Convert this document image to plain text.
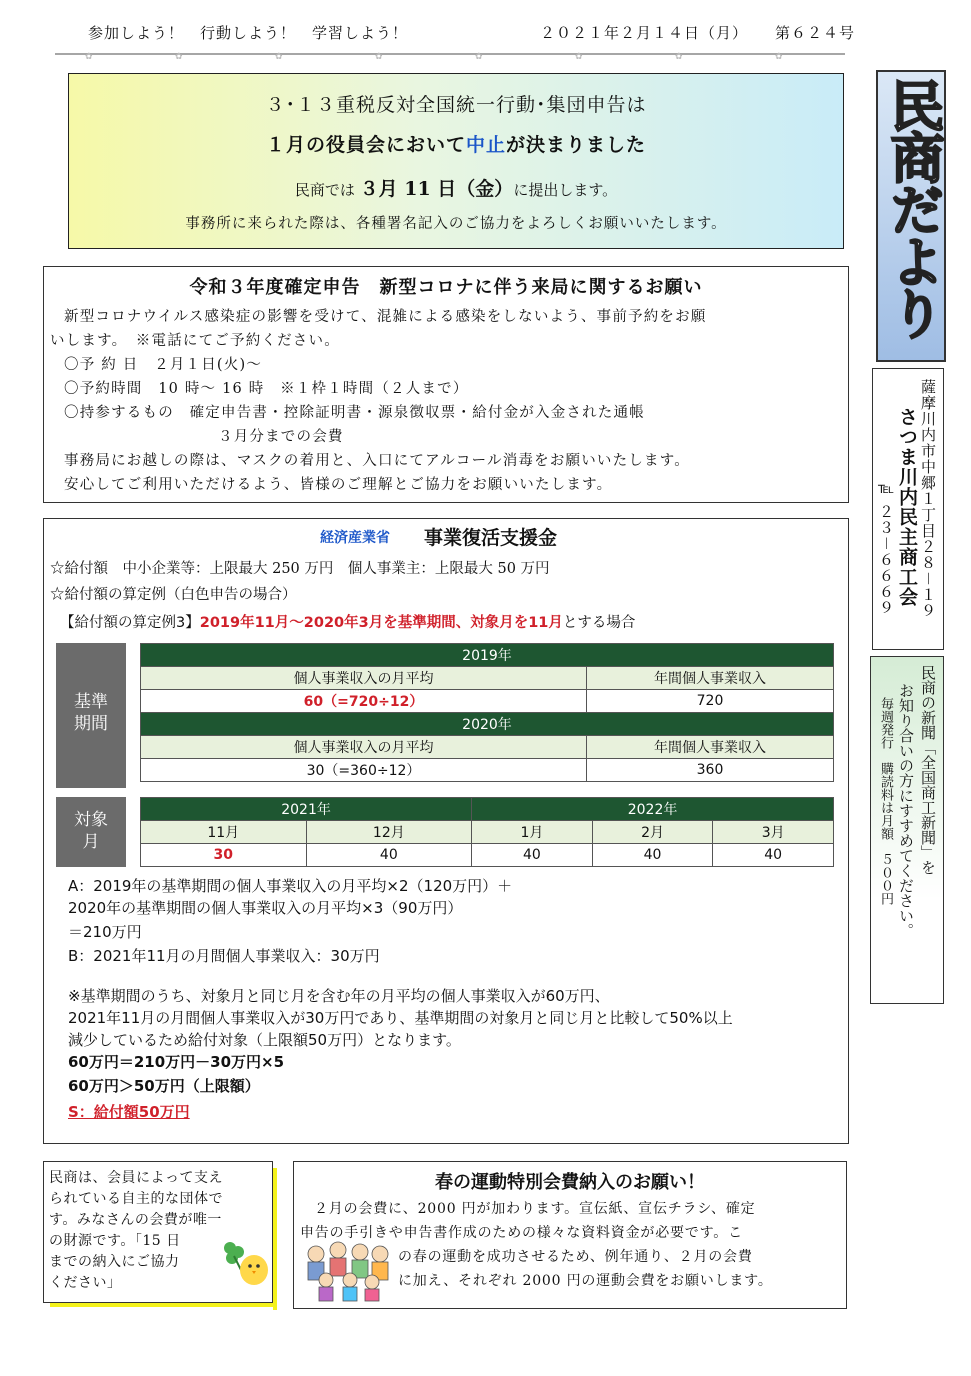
参加しよう！　行動しよう！　学習しよう！	２０２１年２月１４日（月） 第６２４号
✿	✿	✿	✿	✿	✿	✿	✿
３･１３重税反対全国統一行動･集団申告は
１月の役員会において中止が決まりました
民商では ３月 11 日（金）に提出します。
事務所に来られた際は、各種署名記入のご協力をよろしくお願いいたします。	民商だより
薩摩川内市中郷１丁目２８－１９
さつま川内民主商工会
℡ ２３－６６６９
民商の新聞「全国商工新聞」を
お知り合いの方にすすめてください。
毎週発行　購読料は月額　５００円
令和３年度確定申告　新型コロナに伴う来局に関するお願い

新型コロナウイルス感染症の影響を受けて、混雑による感染をしないよう、事前予約をお願

いします。　※電話にてご予約ください。

〇予 約 日　２月１日(火)～

〇予約時間　10 時～ 16 時　※１枠１時間（２人まで）

〇持参するもの　確定申告書・控除証明書・源泉徴収票・給付金が入金された通帳

３月分までの会費

事務局にお越しの際は、マスクの着用と、入口にてアルコール消毒をお願いいたします。

安心してご利用いただけるよう、皆様のご理解とご協力をお願いいたします。

経済産業省 事業復活支援金
☆給付額　中小企業等：上限最大 250 万円　個人事業主：上限最大 50 万円
☆給付額の算定例（白色申告の場合）
【給付額の算定例3】2019年11月～2020年3月を基準期間、対象月を11月とする場合
基準
期間
対象
月
2019年	
個人事業収入の月平均	年間個人事業収入
60（=720÷12）	720
2020年	
個人事業収入の月平均	年間個人事業収入
30（=360÷12）	360
2021年		2022年		
11月	12月	1月	2月	3月
30	40	40	40	40
A：2019年の基準期間の個人事業収入の月平均×2（120万円）＋
2020年の基準期間の個人事業収入の月平均×3（90万円）
＝210万円
B：2021年11月の月間個人事業収入：30万円
※基準期間のうち、対象月と同じ月を含む年の月平均の個人事業収入が60万円、
2021年11月の月間個人事業収入が30万円であり、基準期間の対象月と同じ月と比較して50%以上
減少しているため給付対象（上限額50万円）となります。
60万円＝210万円－30万円×5
60万円＞50万円（上限額）
S：給付額50万円
民商は、会員によって支え
られている自主的な団体で
す。みなさんの会費が唯一
の財源です。「15 日
までの納入にご協力
ください」
春の運動特別会費納入のお願い！
２月の会費に、2000 円が加わります。宣伝紙、宣伝チラシ、確定
申告の手引きや申告書作成のための様々な資料資金が必要です。こ
の春の運動を成功させるため、例年通り、２月の会費
に加え、それぞれ 2000 円の運動会費をお願いします。
